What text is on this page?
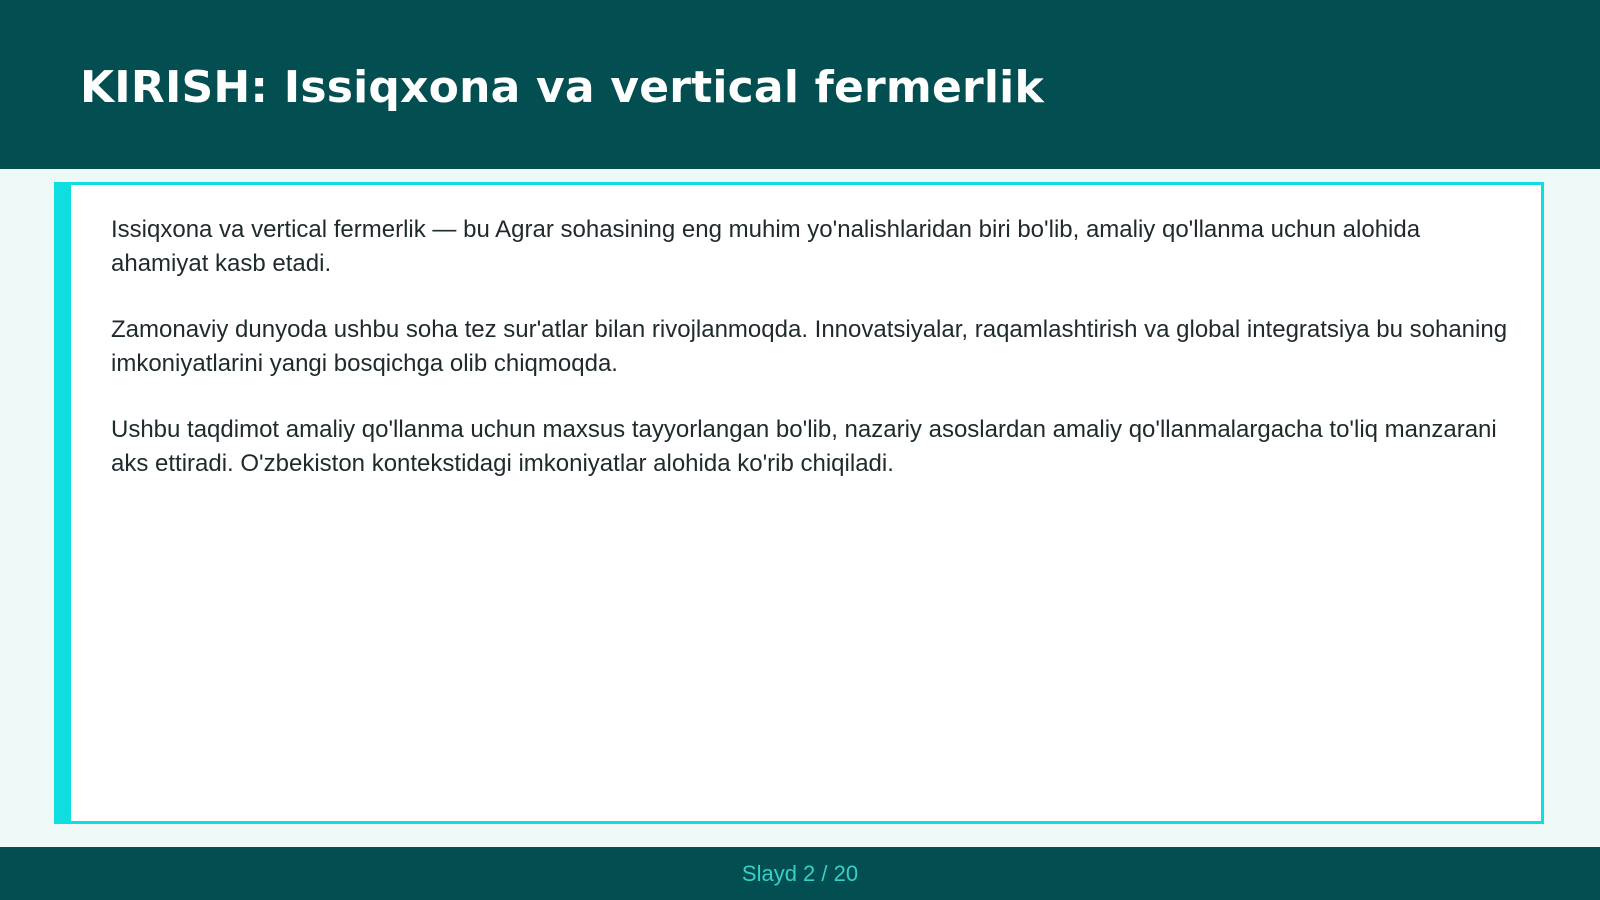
KIRISH: Issiqxona va vertical fermerlik

Issiqxona va vertical fermerlik — bu Agrar sohasining eng muhim yo'nalishlaridan biri bo'lib, amaliy qo'llanma uchun alohida ahamiyat kasb etadi.

Zamonaviy dunyoda ushbu soha tez sur'atlar bilan rivojlanmoqda. Innovatsiyalar, raqamlashtirish va global integratsiya bu sohaning imkoniyatlarini yangi bosqichga olib chiqmoqda.

Ushbu taqdimot amaliy qo'llanma uchun maxsus tayyorlangan bo'lib, nazariy asoslardan amaliy qo'llanmalargacha to'liq manzarani aks ettiradi. O'zbekiston kontekstidagi imkoniyatlar alohida ko'rib chiqiladi.

Slayd 2 / 20
